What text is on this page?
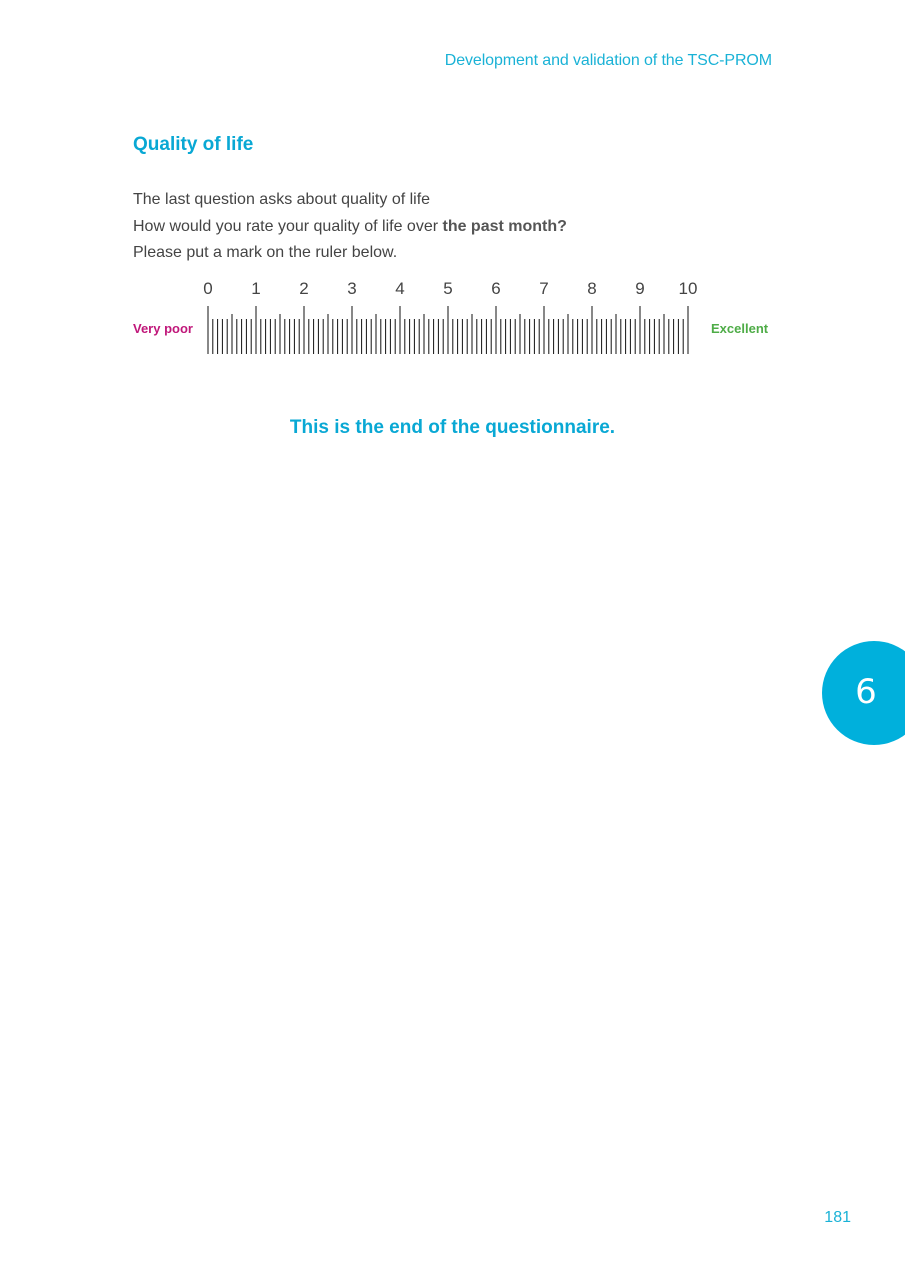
Development and validation of the TSC-PROM
Quality of life
The last question asks about quality of life
How would you rate your quality of life over the past month?
Please put a mark on the ruler below.
Very poor
0 1 2 3 4 5 6 7 8 9 10
Excellent
This is the end of the questionnaire.
6
181
